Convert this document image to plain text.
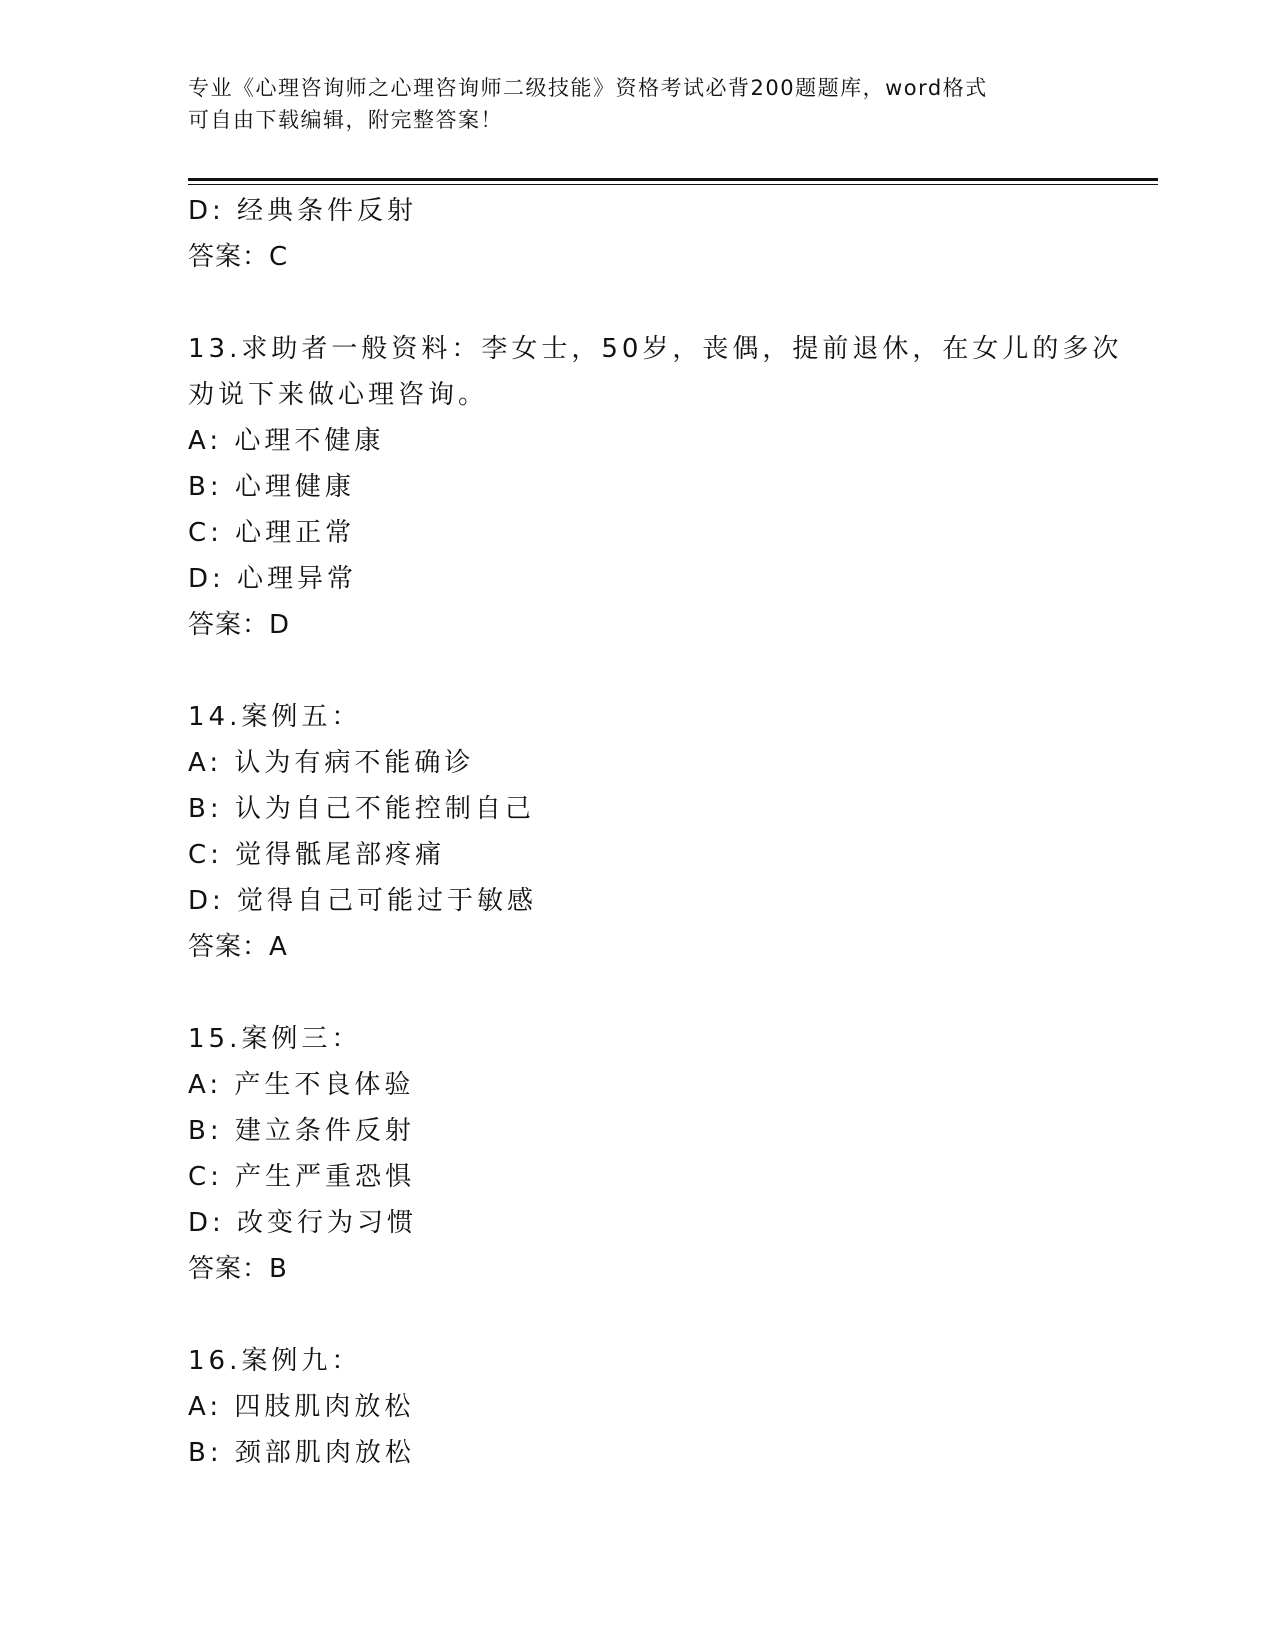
专业《心理咨询师之心理咨询师二级技能》资格考试必背200题题库，word格式
可自由下载编辑，附完整答案！
D: 经典条件反射
答案：C
13.求助者一般资料：李女士，50岁，丧偶，提前退休，在女儿的多次
劝说下来做心理咨询。
A: 心理不健康
B: 心理健康
C: 心理正常
D: 心理异常
答案：D
14.案例五：
A: 认为有病不能确诊
B: 认为自己不能控制自己
C: 觉得骶尾部疼痛
D: 觉得自己可能过于敏感
答案：A
15.案例三：
A: 产生不良体验
B: 建立条件反射
C: 产生严重恐惧
D: 改变行为习惯
答案：B
16.案例九：
A: 四肢肌肉放松
B: 颈部肌肉放松
